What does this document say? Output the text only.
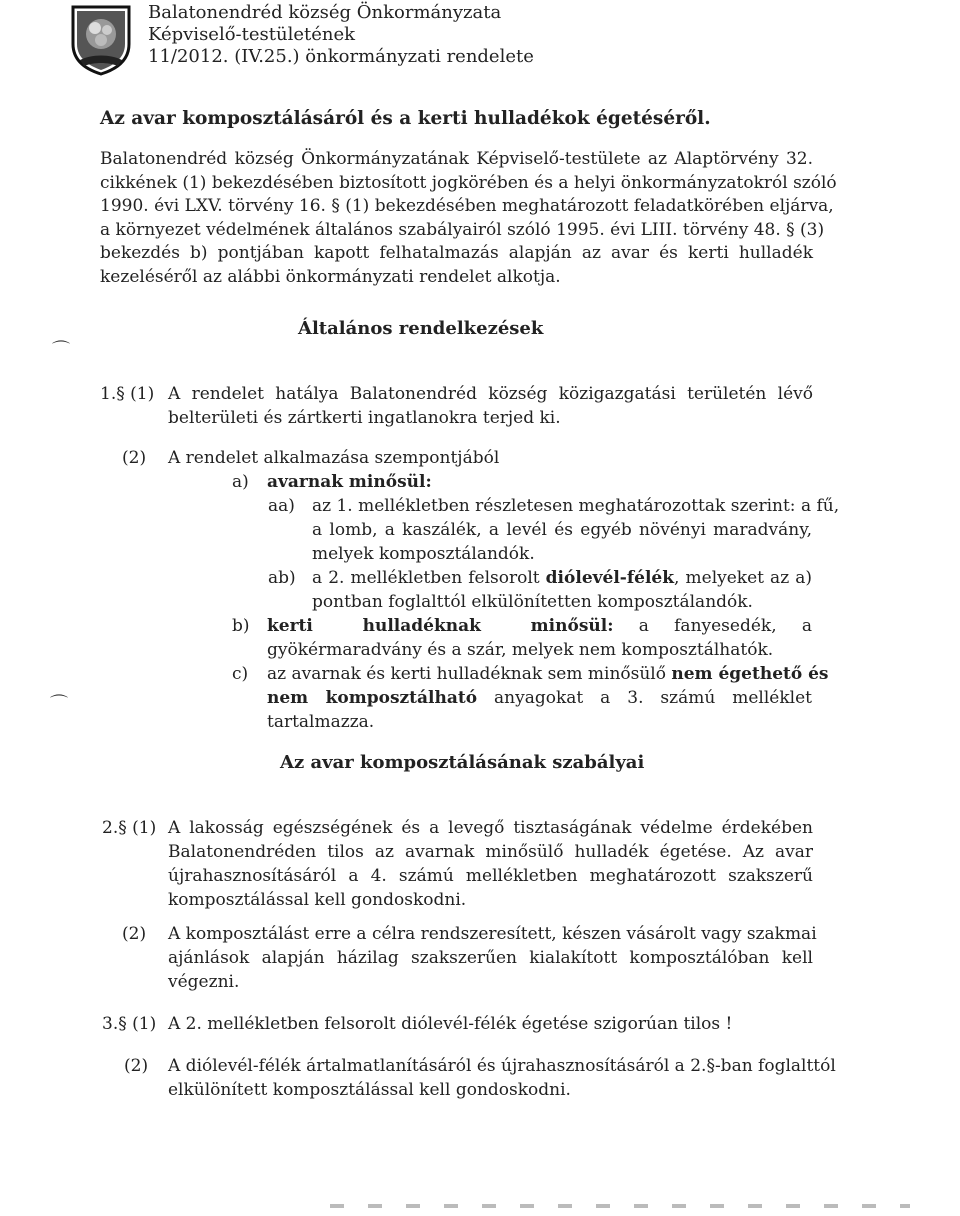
Balatonendréd község Önkormányzata
Képviselő-testületének
11/2012. (IV.25.) önkormányzati rendelete
Az avar komposztálásáról és a kerti hulladékok égetéséről.
Balatonendréd község Önkormányzatának Képviselő-testülete az Alaptörvény 32.
cikkének (1) bekezdésében biztosított jogkörében és a helyi önkormányzatokról szóló
1990. évi LXV. törvény 16. § (1) bekezdésében meghatározott feladatkörében eljárva,
a környezet védelmének általános szabályairól szóló 1995. évi LIII. törvény 48. § (3)
bekezdés b) pontjában kapott felhatalmazás alapján az avar és kerti hulladék
kezeléséről az alábbi önkormányzati rendelet alkotja.
⌒
⌒
Általános rendelkezések
1.§ (1) A rendelet hatálya Balatonendréd község közigazgatási területén lévő
belterületi és zártkerti ingatlanokra terjed ki.
(2) A rendelet alkalmazása szempontjából
a) avarnak minősül:
aa) az 1. mellékletben részletesen meghatározottak szerint: a fű,
a lomb, a kaszálék, a levél és egyéb növényi maradvány,
melyek komposztálandók.
ab) a 2. mellékletben felsorolt diólevél-félék, melyeket az a)
pontban foglalttól elkülönítetten komposztálandók.
b) kerti hulladéknak minősül: a fanyesedék, a
gyökérmaradvány és a szár, melyek nem komposztálhatók.
c) az avarnak és kerti hulladéknak sem minősülő nem égethető és
nem komposztálható anyagokat a 3. számú melléklet
tartalmazza.
Az avar komposztálásának szabályai
2.§ (1) A lakosság egészségének és a levegő tisztaságának védelme érdekében
Balatonendréden tilos az avarnak minősülő hulladék égetése. Az avar
újrahasznosításáról a 4. számú mellékletben meghatározott szakszerű
komposztálással kell gondoskodni.
(2) A komposztálást erre a célra rendszeresített, készen vásárolt vagy szakmai
ajánlások alapján házilag szakszerűen kialakított komposztálóban kell
végezni.
3.§ (1) A 2. mellékletben felsorolt diólevél-félék égetése szigorúan tilos !
(2) A diólevél-félék ártalmatlanításáról és újrahasznosításáról a 2.§-ban foglalttól
elkülönített komposztálással kell gondoskodni.
